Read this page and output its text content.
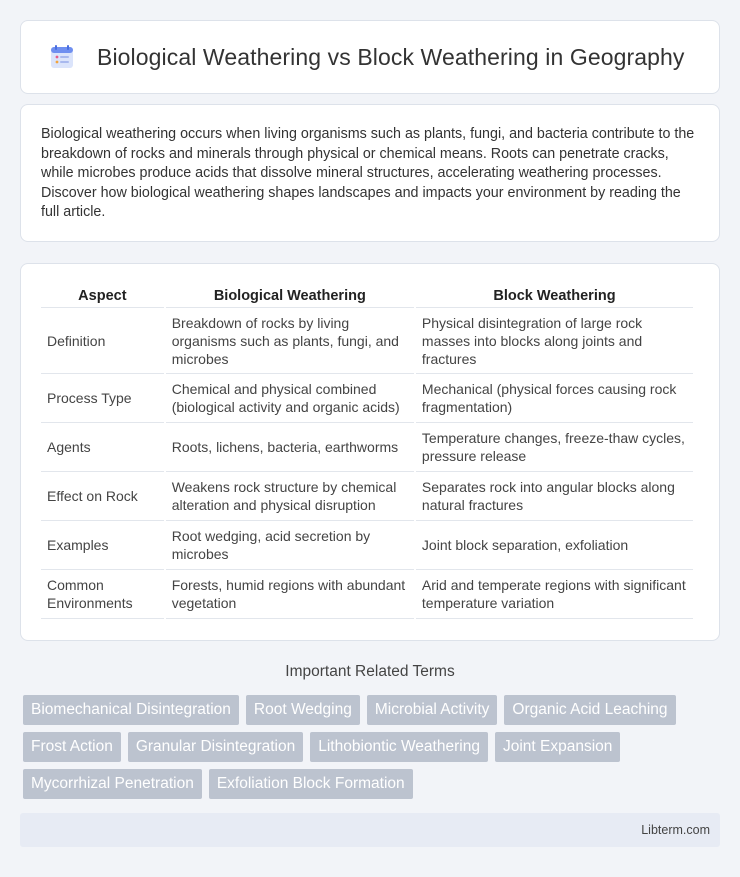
Biological Weathering vs Block Weathering in Geography

Biological weathering occurs when living organisms such as plants, fungi, and bacteria contribute to the breakdown of rocks and minerals through physical or chemical means. Roots can penetrate cracks, while microbes produce acids that dissolve mineral structures, accelerating weathering processes. Discover how biological weathering shapes landscapes and impacts your environment by reading the full article.

Aspect	Biological Weathering	Block Weathering
Definition	Breakdown of rocks by living organisms such as plants, fungi, and microbes	Physical disintegration of large rock masses into blocks along joints and fractures
Process Type	Chemical and physical combined (biological activity and organic acids)	Mechanical (physical forces causing rock fragmentation)
Agents	Roots, lichens, bacteria, earthworms	Temperature changes, freeze-thaw cycles, pressure release
Effect on Rock	Weakens rock structure by chemical alteration and physical disruption	Separates rock into angular blocks along natural fractures
Examples	Root wedging, acid secretion by microbes	Joint block separation, exfoliation
Common Environments	Forests, humid regions with abundant vegetation	Arid and temperate regions with significant temperature variation
Important Related Terms
Biomechanical Disintegration	Root Wedging	Microbial Activity	Organic Acid Leaching
Frost Action	Granular Disintegration	Lithobiontic Weathering	Joint Expansion
Mycorrhizal Penetration	Exfoliation Block Formation
Libterm.com
